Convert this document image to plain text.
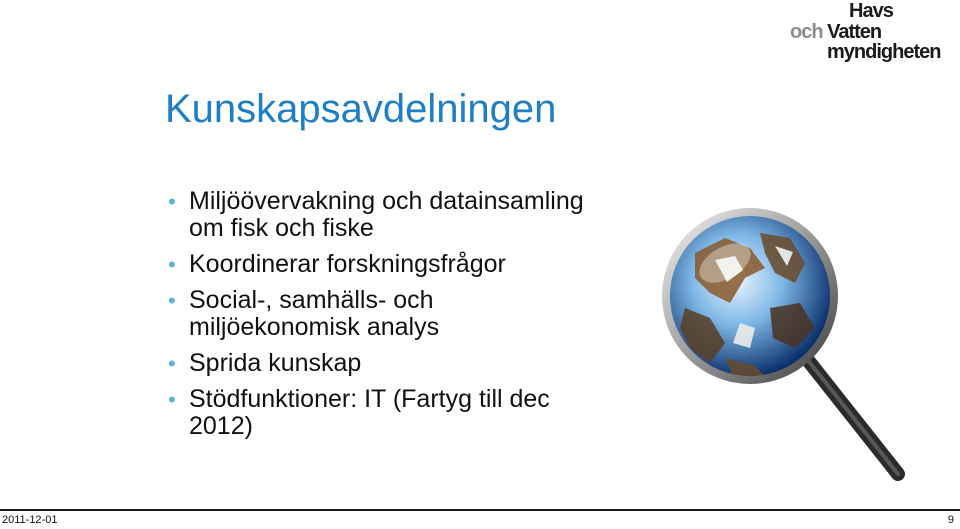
Havs
och Vatten
myndigheten
Kunskapsavdelningen
• Miljöövervakning och datainsamling om fisk och fiske
• Koordinerar forskningsfrågor
• Social-, samhälls- och miljöekonomisk analys
• Sprida kunskap
• Stödfunktioner: IT (Fartyg till dec 2012)
2011-12-01	9
